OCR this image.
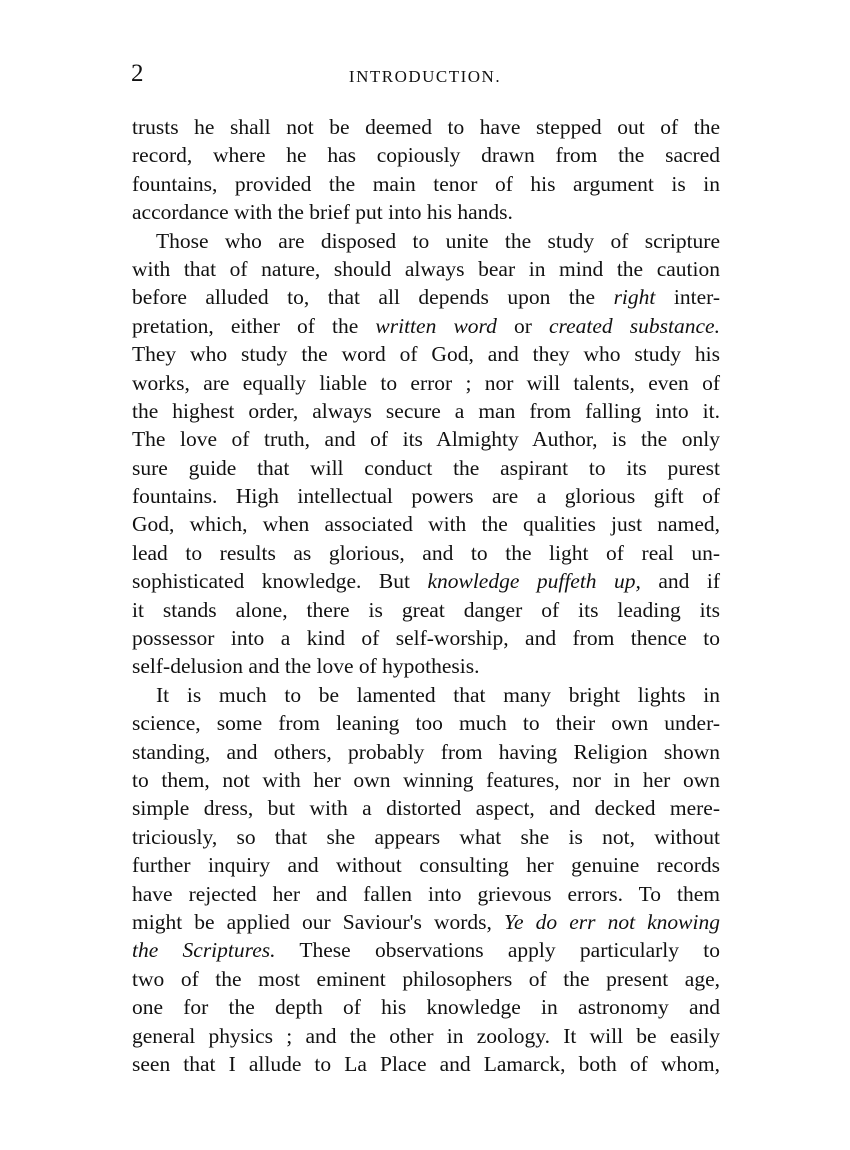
2	INTRODUCTION.
trusts he shall not be deemed to have stepped out of the
record, where he has copiously drawn from the sacred
fountains, provided the main tenor of his argument is in
accordance with the brief put into his hands.
Those who are disposed to unite the study of scripture
with that of nature, should always bear in mind the caution
before alluded to, that all depends upon the right inter-
pretation, either of the written word or created substance.
They who study the word of God, and they who study his
works, are equally liable to error ; nor will talents, even of
the highest order, always secure a man from falling into it.
The love of truth, and of its Almighty Author, is the only
sure guide that will conduct the aspirant to its purest
fountains. High intellectual powers are a glorious gift of
God, which, when associated with the qualities just named,
lead to results as glorious, and to the light of real un-
sophisticated knowledge. But knowledge puffeth up, and if
it stands alone, there is great danger of its leading its
possessor into a kind of self-worship, and from thence to
self-delusion and the love of hypothesis.
It is much to be lamented that many bright lights in
science, some from leaning too much to their own under-
standing, and others, probably from having Religion shown
to them, not with her own winning features, nor in her own
simple dress, but with a distorted aspect, and decked mere-
triciously, so that she appears what she is not, without
further inquiry and without consulting her genuine records
have rejected her and fallen into grievous errors. To them
might be applied our Saviour's words, Ye do err not knowing
the Scriptures. These observations apply particularly to
two of the most eminent philosophers of the present age,
one for the depth of his knowledge in astronomy and
general physics ; and the other in zoology. It will be easily
seen that I allude to La Place and Lamarck, both of whom,
